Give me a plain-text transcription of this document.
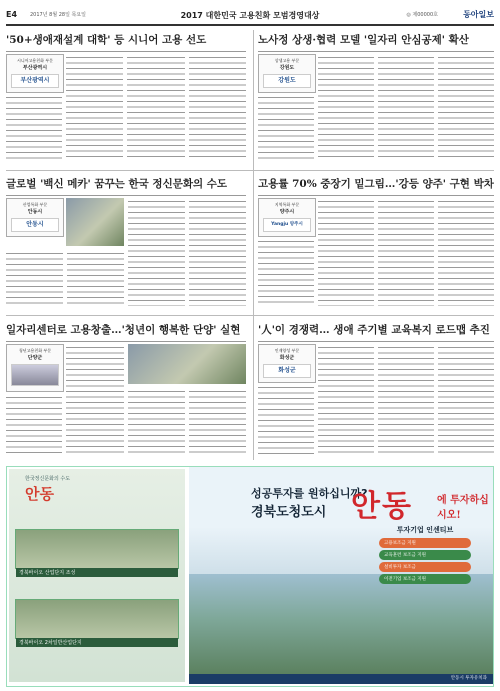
E4	2017년 8월 28일 목요일	2017 대한민국 고용친화 모범경영대상	◎ 제00000호	동아일보
'50+생애재설계 대학' 등 시니어 고용 선도
시니어고용친화 부문
부산광역시
부산광역시
노사정 상생·협력 모델 '일자리 안심공제' 확산
상생고용 부문
강원도
강원도
글로벌 '백신 메카' 꿈꾸는 한국 정신문화의 수도
산업특화 부문
안동시
안동시
고용률 70% 중장기 밑그림…'강등 양주' 구현 박차
지역특화 부문
양주시
Yangju 양주시
일자리센터로 고용창출…'청년이 행복한 단양' 실현
청년고용친화 부문
단양군
'人'이 경쟁력… 생애 주기별 교육복지 로드맵 추진
인재양성 부문
화성군
화성군
한국정신문화의 수도
안동
경북바이오 산업단지 조성
경북바이오 2차일반산업단지
성공투자를 원하십니까?
경북도청도시 안동 에 투자하십시오!
투자기업 인센티브
고용보조금 지원
교육훈련 보조금 지원
설비투자 보조금
이전기업 보조금 지원
안동시 투자유치과
